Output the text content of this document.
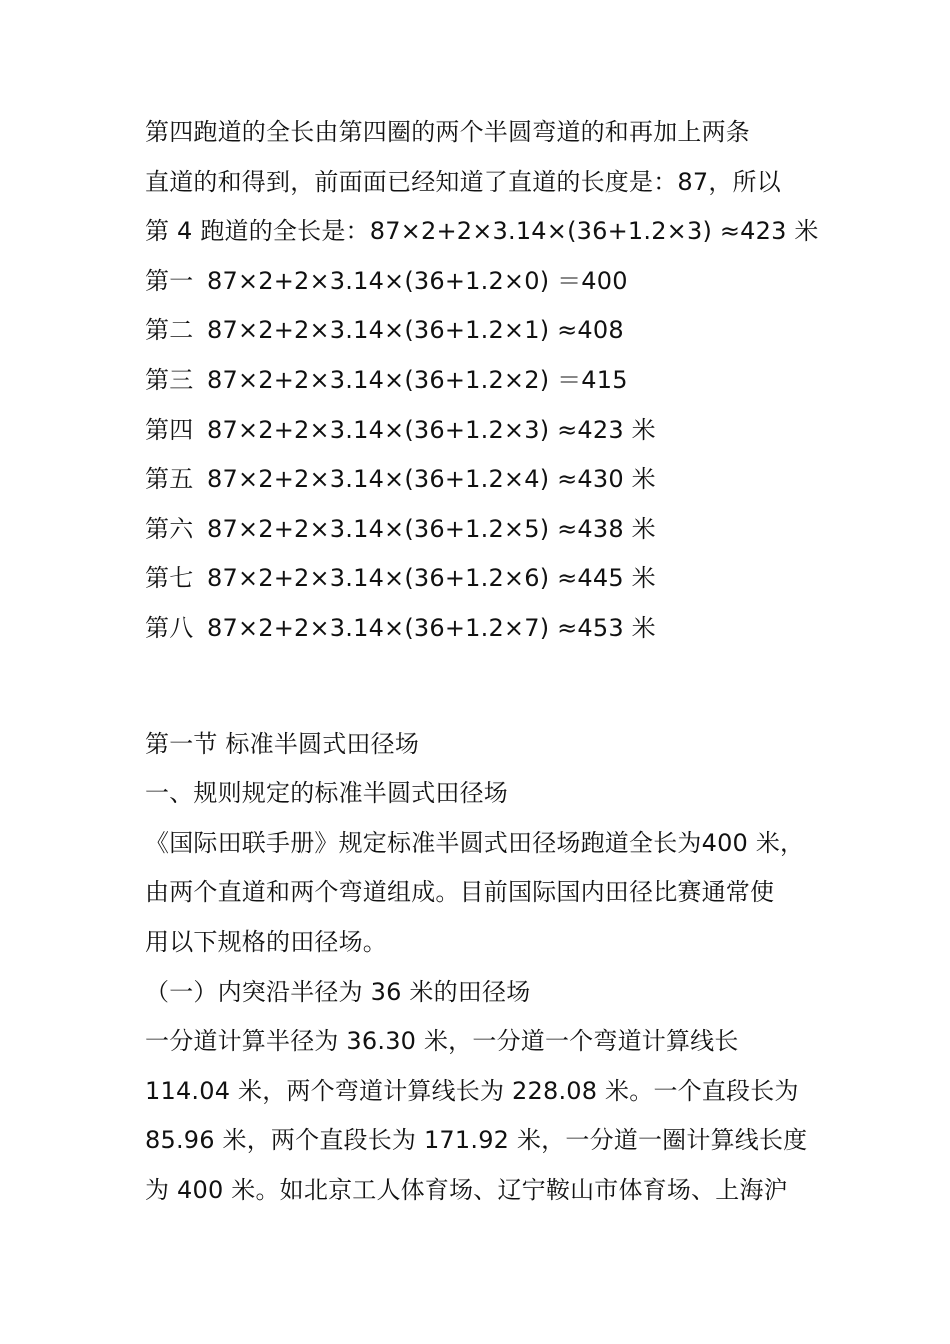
第四跑道的全长由第四圈的两个半圆弯道的和再加上两条
直道的和得到，前面面已经知道了直道的长度是：87，所以
第 4 跑道的全长是：87×2+2×3.14×(36+1.2×3) ≈423 米
第一 87×2+2×3.14×(36+1.2×0) ＝400
第二 87×2+2×3.14×(36+1.2×1) ≈408
第三 87×2+2×3.14×(36+1.2×2) ＝415
第四 87×2+2×3.14×(36+1.2×3) ≈423 米
第五 87×2+2×3.14×(36+1.2×4) ≈430 米
第六 87×2+2×3.14×(36+1.2×5) ≈438 米
第七 87×2+2×3.14×(36+1.2×6) ≈445 米
第八 87×2+2×3.14×(36+1.2×7) ≈453 米
第一节 标准半圆式田径场
一、规则规定的标准半圆式田径场
《国际田联手册》规定标准半圆式田径场跑道全长为400 米，
由两个直道和两个弯道组成。目前国际国内田径比赛通常使
用以下规格的田径场。
（一）内突沿半径为 36 米的田径场
一分道计算半径为 36.30 米，一分道一个弯道计算线长
114.04 米，两个弯道计算线长为 228.08 米。一个直段长为
85.96 米，两个直段长为 171.92 米，一分道一圈计算线长度
为 400 米。如北京工人体育场、辽宁鞍山市体育场、上海沪
